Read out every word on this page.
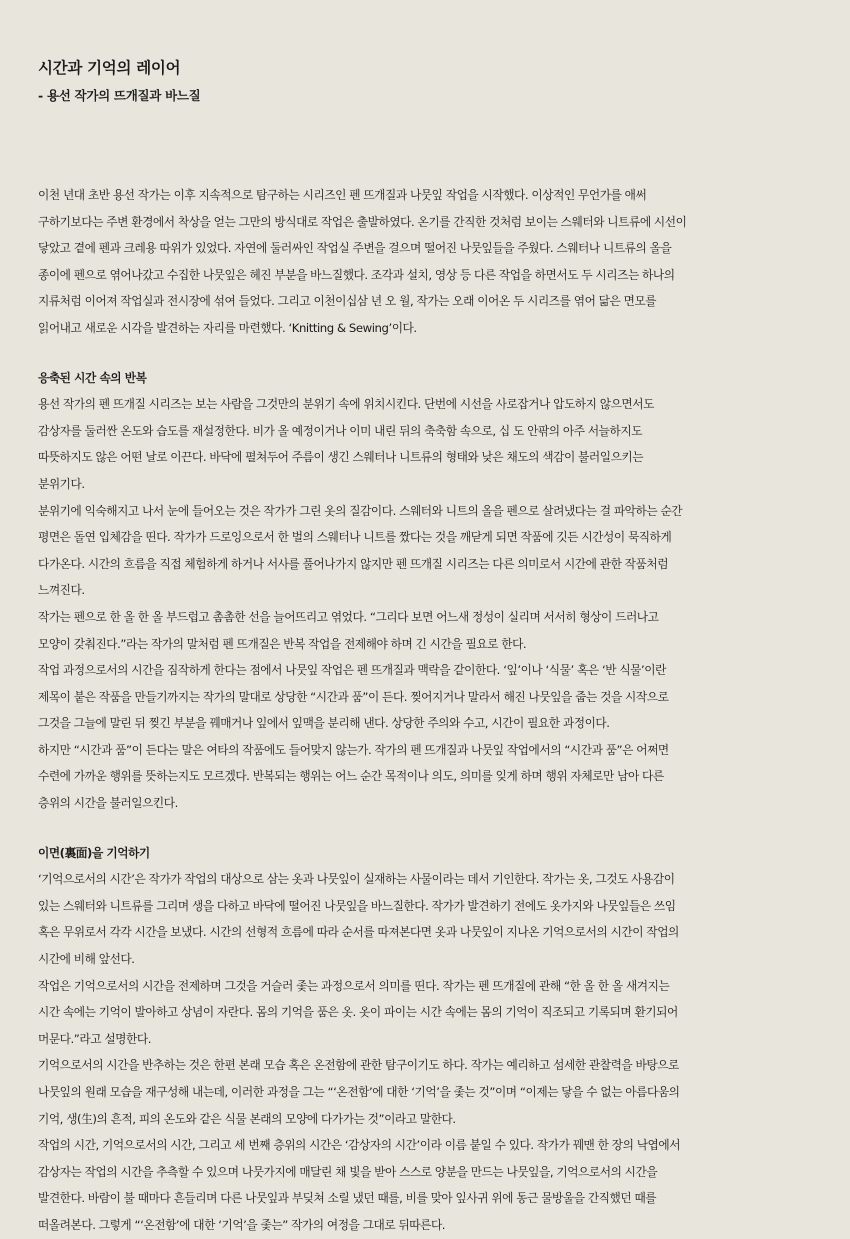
시간과 기억의 레이어
- 용선 작가의 뜨개질과 바느질
이천 년대 초반 용선 작가는 이후 지속적으로 탐구하는 시리즈인 펜 뜨개질과 나뭇잎 작업을 시작했다. 이상적인 무언가를 애써
구하기보다는 주변 환경에서 착상을 얻는 그만의 방식대로 작업은 출발하였다. 온기를 간직한 것처럼 보이는 스웨터와 니트류에 시선이
닿았고 곁에 펜과 크레용 따위가 있었다. 자연에 둘러싸인 작업실 주변을 걸으며 떨어진 나뭇잎들을 주웠다. 스웨터나 니트류의 올을
종이에 펜으로 엮어나갔고 수집한 나뭇잎은 헤진 부분을 바느질했다. 조각과 설치, 영상 등 다른 작업을 하면서도 두 시리즈는 하나의
지류처럼 이어져 작업실과 전시장에 섞여 들었다. 그리고 이천이십삼 년 오 월, 작가는 오래 이어온 두 시리즈를 엮어 닮은 면모를
읽어내고 새로운 시각을 발견하는 자리를 마련했다. ‘Knitting & Sewing’이다.
응축된 시간 속의 반복
용선 작가의 펜 뜨개질 시리즈는 보는 사람을 그것만의 분위기 속에 위치시킨다. 단번에 시선을 사로잡거나 압도하지 않으면서도
감상자를 둘러싼 온도와 습도를 재설정한다. 비가 올 예정이거나 이미 내린 뒤의 축축함 속으로, 십 도 안팎의 아주 서늘하지도
따뜻하지도 않은 어떤 날로 이끈다. 바닥에 펼쳐두어 주름이 생긴 스웨터나 니트류의 형태와 낮은 채도의 색감이 불러일으키는
분위기다.
분위기에 익숙해지고 나서 눈에 들어오는 것은 작가가 그린 옷의 질감이다. 스웨터와 니트의 올을 펜으로 살려냈다는 걸 파악하는 순간
평면은 돌연 입체감을 띤다. 작가가 드로잉으로서 한 벌의 스웨터나 니트를 짰다는 것을 깨닫게 되면 작품에 깃든 시간성이 묵직하게
다가온다. 시간의 흐름을 직접 체험하게 하거나 서사를 풀어나가지 않지만 펜 뜨개질 시리즈는 다른 의미로서 시간에 관한 작품처럼
느껴진다.
작가는 펜으로 한 올 한 올 부드럽고 촘촘한 선을 늘어뜨리고 엮었다. “그리다 보면 어느새 정성이 실리며 서서히 형상이 드러나고
모양이 갖춰진다.”라는 작가의 말처럼 펜 뜨개질은 반복 작업을 전제해야 하며 긴 시간을 필요로 한다.
작업 과정으로서의 시간을 짐작하게 한다는 점에서 나뭇잎 작업은 펜 뜨개질과 맥락을 같이한다. ‘잎’이나 ‘식물’ 혹은 ‘반 식물’이란
제목이 붙은 작품을 만들기까지는 작가의 말대로 상당한 “시간과 품”이 든다. 찢어지거나 말라서 해진 나뭇잎을 줍는 것을 시작으로
그것을 그늘에 말린 뒤 찢긴 부분을 꿰매거나 잎에서 잎맥을 분리해 낸다. 상당한 주의와 수고, 시간이 필요한 과정이다.
하지만 “시간과 품”이 든다는 말은 여타의 작품에도 들어맞지 않는가. 작가의 펜 뜨개질과 나뭇잎 작업에서의 “시간과 품”은 어쩌면
수련에 가까운 행위를 뜻하는지도 모르겠다. 반복되는 행위는 어느 순간 목적이나 의도, 의미를 잊게 하며 행위 자체로만 남아 다른
층위의 시간을 불러일으킨다.
이면(裏面)을 기억하기
‘기억으로서의 시간’은 작가가 작업의 대상으로 삼는 옷과 나뭇잎이 실재하는 사물이라는 데서 기인한다. 작가는 옷, 그것도 사용감이
있는 스웨터와 니트류를 그리며 생을 다하고 바닥에 떨어진 나뭇잎을 바느질한다. 작가가 발견하기 전에도 옷가지와 나뭇잎들은 쓰임
혹은 무위로서 각각 시간을 보냈다. 시간의 선형적 흐름에 따라 순서를 따져본다면 옷과 나뭇잎이 지나온 기억으로서의 시간이 작업의
시간에 비해 앞선다.
작업은 기억으로서의 시간을 전제하며 그것을 거슬러 좇는 과정으로서 의미를 띤다. 작가는 펜 뜨개질에 관해 “한 올 한 올 새겨지는
시간 속에는 기억이 발아하고 상념이 자란다. 몸의 기억을 품은 옷. 옷이 파이는 시간 속에는 몸의 기억이 직조되고 기록되며 환기되어
머문다.”라고 설명한다.
기억으로서의 시간을 반추하는 것은 한편 본래 모습 혹은 온전함에 관한 탐구이기도 하다. 작가는 예리하고 섬세한 관찰력을 바탕으로
나뭇잎의 원래 모습을 재구성해 내는데, 이러한 과정을 그는 “‘온전함’에 대한 ‘기억’을 좇는 것”이며 “이제는 닿을 수 없는 아름다움의
기억, 생(生)의 흔적, 피의 온도와 같은 식물 본래의 모양에 다가가는 것”이라고 말한다.
작업의 시간, 기억으로서의 시간, 그리고 세 번째 층위의 시간은 ‘감상자의 시간’이라 이름 붙일 수 있다. 작가가 꿰맨 한 장의 낙엽에서
감상자는 작업의 시간을 추측할 수 있으며 나뭇가지에 매달린 채 빛을 받아 스스로 양분을 만드는 나뭇잎을, 기억으로서의 시간을
발견한다. 바람이 불 때마다 흔들리며 다른 나뭇잎과 부딪쳐 소릴 냈던 때를, 비를 맞아 잎사귀 위에 동근 물방울을 간직했던 때를
떠올려본다. 그렇게 “‘온전함’에 대한 ‘기억’을 좇는” 작가의 여정을 그대로 뒤따른다.
